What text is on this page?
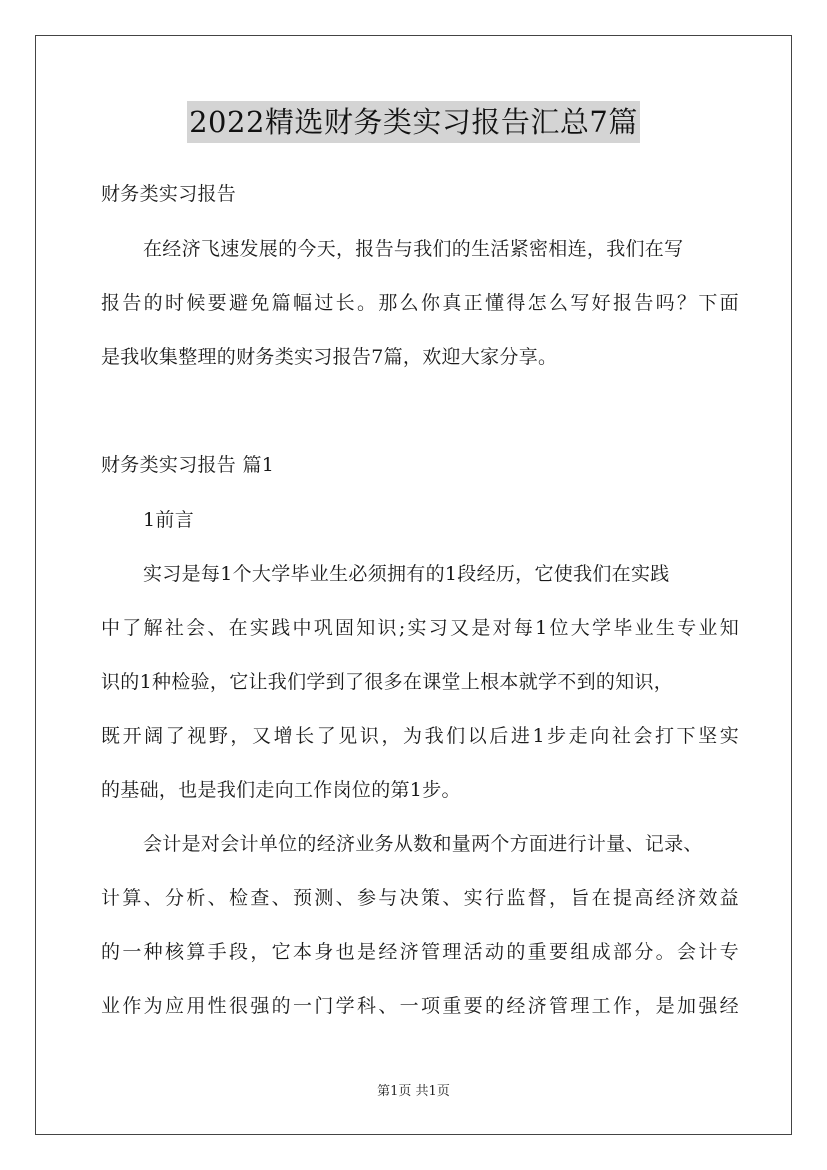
2022精选财务类实习报告汇总7篇
财务类实习报告
在经济飞速发展的今天，报告与我们的生活紧密相连，我们在写
报告的时候要避免篇幅过长。那么你真正懂得怎么写好报告吗？下面
是我收集整理的财务类实习报告7篇，欢迎大家分享。
财务类实习报告 篇1
1前言
实习是每1个大学毕业生必须拥有的1段经历，它使我们在实践
中了解社会、在实践中巩固知识;实习又是对每1位大学毕业生专业知
识的1种检验，它让我们学到了很多在课堂上根本就学不到的知识，
既开阔了视野，又增长了见识，为我们以后进1步走向社会打下坚实
的基础，也是我们走向工作岗位的第1步。
会计是对会计单位的经济业务从数和量两个方面进行计量、记录、
计算、分析、检查、预测、参与决策、实行监督，旨在提高经济效益
的一种核算手段，它本身也是经济管理活动的重要组成部分。会计专
业作为应用性很强的一门学科、一项重要的经济管理工作，是加强经
第1页 共1页
